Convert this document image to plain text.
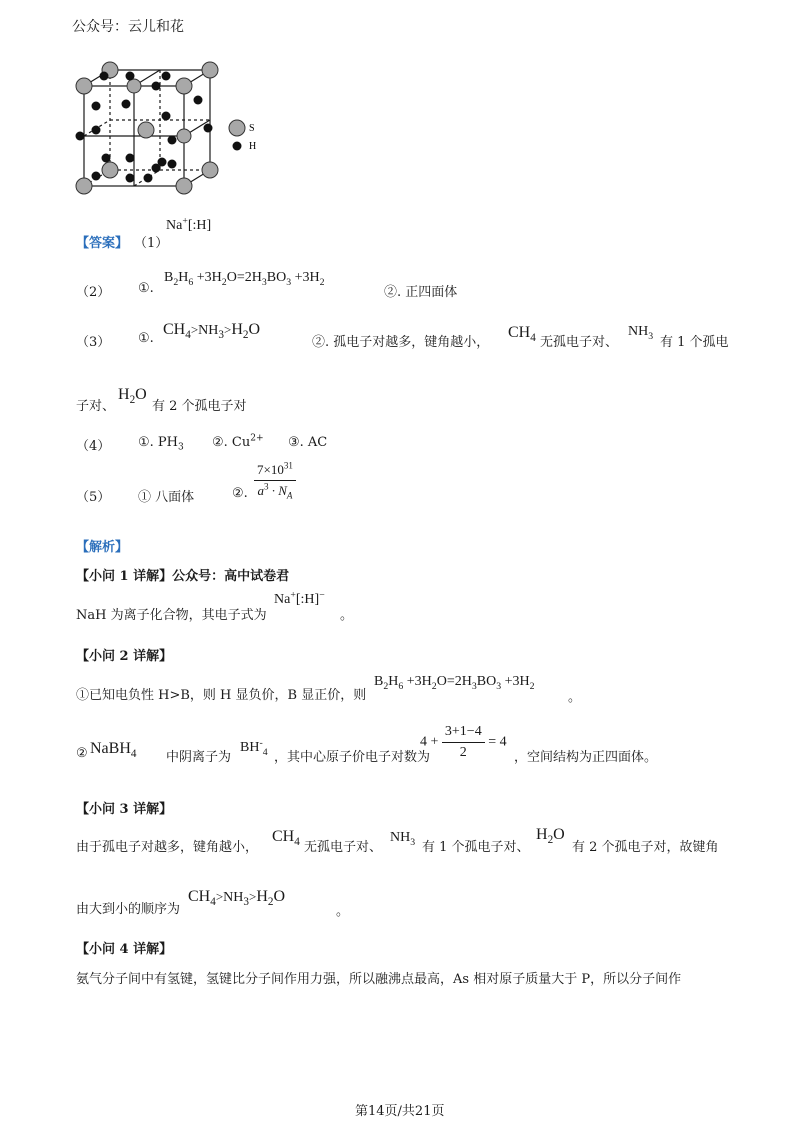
公众号：云儿和花
S
H
【答案】 （1）
Na+[:H]
（2） ①.
$B_2H_6 +3H_2O=2H_3BO_3 +3H_2$
②. 正四面体
（3） ①.
$CH_4>NH_3>H_2O$
②. 孤电子对越多，键角越小，
$CH_4$ 无孤电子对、
$NH_3$ 有 1 个孤电
子对、
$H_2O$
有 2 个孤电子对
（4） ①. $PH_3$ ②. $Cu^{2+}$ ③. AC
（5） ① 八面体	②. $\frac{7\times 10^{31}}{a^3 \cdot N_A}$
【解析】
【小问 1 详解】公众号：高中试卷君
NaH 为离子化合物，其电子式为
Na+[:H]−
。
【小问 2 详解】
①已知电负性 H>B，则 H 显负价，B 显正价，则
$B_2H_6 +3H_2O=2H_3BO_3 +3H_2$
。
② NaBH$_4$ 中阴离子为
$BH^-_4$ ，其中心原子价电子对数为
$4 + \frac{3+1-4}{2} = 4$
，空间结构为正四面体。
【小问 3 详解】
由于孤电子对越多，键角越小，
$CH_4$ 无孤电子对、
$NH_3$ 有 1 个孤电子对、
$H_2O$
有 2 个孤电子对，故键角
由大到小的顺序为
$CH_4>NH_3>H_2O$
。
【小问 4 详解】
氨气分子间中有氢键，氢键比分子间作用力强，所以融沸点最高，As 相对原子质量大于 P，所以分子间作
第14页/共21页
